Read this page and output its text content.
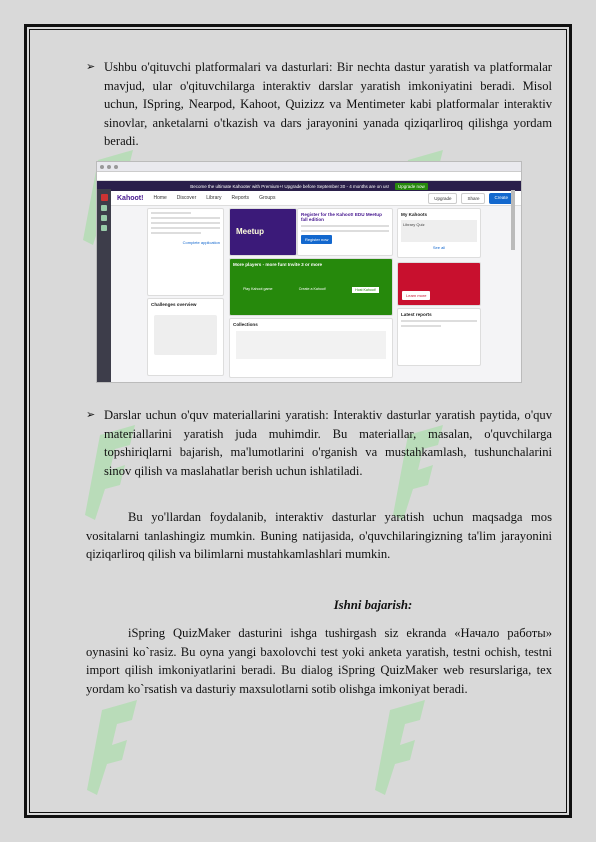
➢ Ushbu o'qituvchi platformalari va dasturlari: Bir nechta dastur yaratish va platformalar mavjud, ular o'qituvchilarga interaktiv darslar yaratish imkoniyatini beradi. Misol uchun, ISpring, Nearpod, Kahoot, Quizizz va Mentimeter kabi platformalar interaktiv sinovlar, anketalarni o'tkazish va dars jarayonini yanada qiziqarliroq qilishga yordam beradi.
Become the ultimate Kahooter with Premium+! Upgrade before September 30 - 4 months are on us!	Upgrade now
Kahoot! Home Discover Library Reports Groups	Upgrade	Share	Create
Complete application
Challenges overview
Meetup
Register for the Kahoot! EDU Meetup fall edition
Register now
More players - more fun! Invite 3 or more
Play Kahoot game	Create a Kahoot!	Host Kahoot!
Collections
My Kahoots
Library Quiz
See all
Learn more
Latest reports
➢ Darslar uchun o'quv materiallarini yaratish: Interaktiv dasturlar yaratish paytida, o'quv materiallarini yaratish juda muhimdir. Bu materiallar, masalan, o'quvchilarga topshiriqlarni bajarish, ma'lumotlarini o'rganish va mustahkamlash, tushunchalarini sinov qilish va maslahatlar berish uchun ishlatiladi.
Bu yo'llardan foydalanib, interaktiv dasturlar yaratish uchun maqsadga mos vositalarni tanlashingiz mumkin. Buning natijasida, o'quvchilaringizning ta'lim jarayonini qiziqarliroq qilish va bilimlarni mustahkamlashlari mumkin.
Ishni bajarish:
iSpring QuizMaker dasturini ishga tushirgash siz ekranda «Начало работы» oynasini ko`rasiz. Bu oyna yangi baxolovchi test yoki anketa yaratish, testni ochish, testni import qilish imkoniyatlarini beradi. Bu dialog iSpring QuizMaker web resurslariga, tex yordam ko`rsatish va dasturiy maxsulotlarni sotib olishga imkoniyat beradi.
